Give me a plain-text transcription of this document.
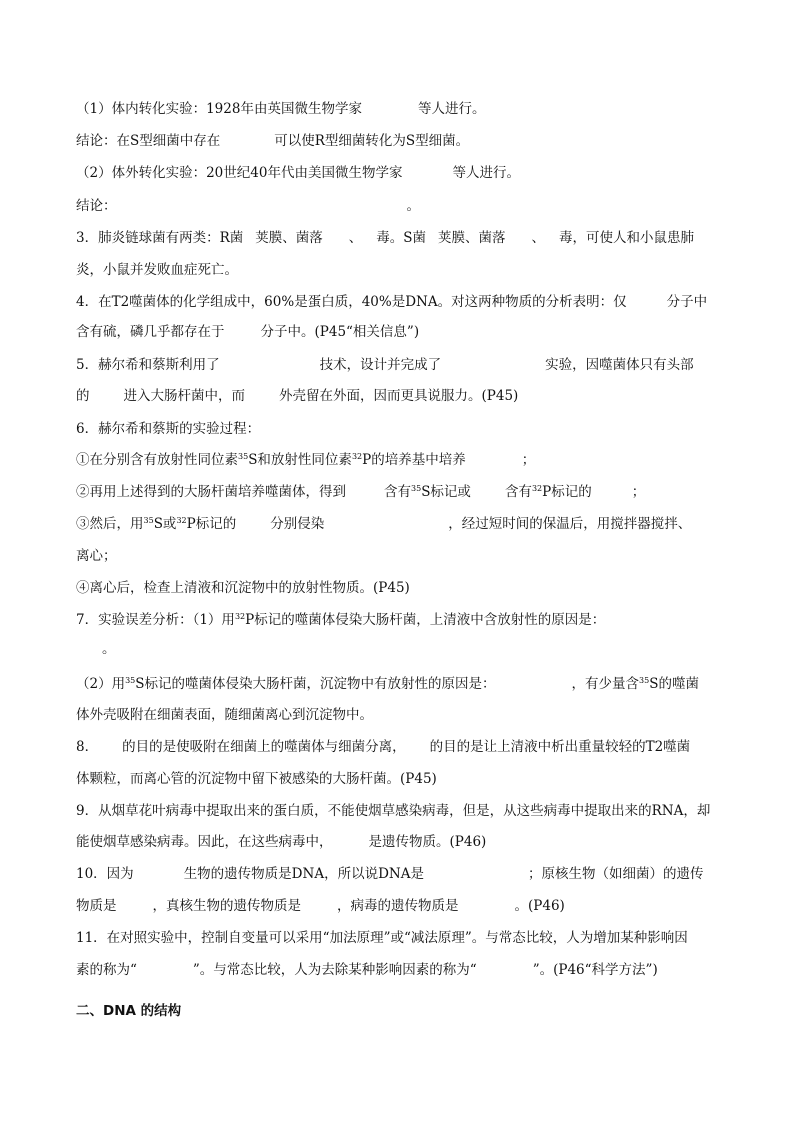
（1）体内转化实验：1928年由英国微生物学家	等人进行。
结论：在S型细菌中存在	可以使R型细菌转化为S型细菌。
（2）体外转化实验：20世纪40年代由美国微生物学家	等人进行。
结论：	。
3．肺炎链球菌有两类：R菌 荚膜、菌落 、 毒。S菌 荚膜、菌落 、 毒，可使人和小鼠患肺
炎，小鼠并发败血症死亡。
4．在T2噬菌体的化学组成中，60%是蛋白质，40%是DNA。对这两种物质的分析表明：仅	分子中
含有硫，磷几乎都存在于	分子中。(P45“相关信息”)
5．赫尔希和蔡斯利用了	技术，设计并完成了	实验，因噬菌体只有头部
的	进入大肠杆菌中，而	外壳留在外面，因而更具说服力。(P45)
6．赫尔希和蔡斯的实验过程：
①在分别含有放射性同位素$^{35}$S和放射性同位素$^{32}$P的培养基中培养	；
②再用上述得到的大肠杆菌培养噬菌体，得到	含有$^{35}$S标记或	含有$^{32}$P标记的	；
③然后，用$^{35}$S或$^{32}$P标记的	分别侵染	，经过短时间的保温后，用搅拌器搅拌、
离心；
④离心后，检查上清液和沉淀物中的放射性物质。(P45)
7．实验误差分析：（1）用$^{32}$P标记的噬菌体侵染大肠杆菌，上清液中含放射性的原因是：
。
（2）用$^{35}$S标记的噬菌体侵染大肠杆菌，沉淀物中有放射性的原因是：	，有少量含$^{35}$S的噬菌
体外壳吸附在细菌表面，随细菌离心到沉淀物中。
8． 的目的是使吸附在细菌上的噬菌体与细菌分离， 的目的是让上清液中析出重量较轻的T2噬菌
体颗粒，而离心管的沉淀物中留下被感染的大肠杆菌。(P45)
9．从烟草花叶病毒中提取出来的蛋白质，不能使烟草感染病毒，但是，从这些病毒中提取出来的RNA，却
能使烟草感染病毒。因此，在这些病毒中，	是遗传物质。(P46)
10．因为	生物的遗传物质是DNA，所以说DNA是	；原核生物（如细菌）的遗传
物质是	，真核生物的遗传物质是	，病毒的遗传物质是	。(P46)
11．在对照实验中，控制自变量可以采用“加法原理”或“减法原理”。与常态比较，人为增加某种影响因
素的称为“	”。与常态比较，人为去除某种影响因素的称为“	”。(P46“科学方法”)
二、DNA 的结构
